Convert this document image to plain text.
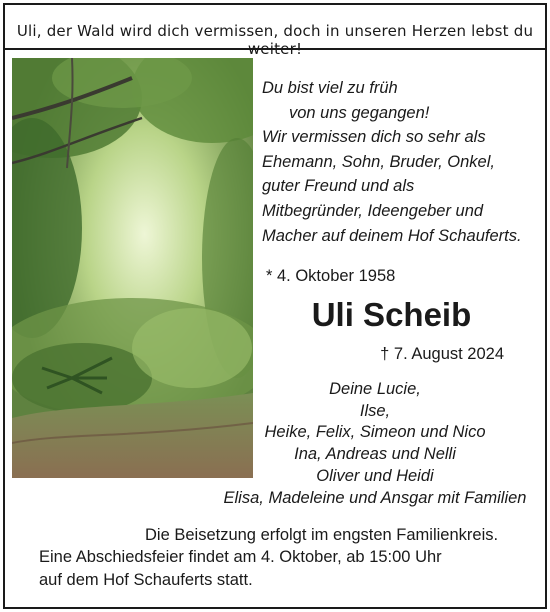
Uli, der Wald wird dich vermissen, doch in unseren Herzen lebst du weiter!
Du bist viel zu früh
von uns gegangen!
Wir vermissen dich so sehr als
Ehemann, Sohn, Bruder, Onkel,
guter Freund und als
Mitbegründer, Ideengeber und
Macher auf deinem Hof Schauferts.
* 4. Oktober 1958
Uli Scheib
† 7. August 2024
Deine Lucie,
Ilse,
Heike, Felix, Simeon und Nico
Ina, Andreas und Nelli
Oliver und Heidi
Elisa, Madeleine und Ansgar mit Familien
Die Beisetzung erfolgt im engsten Familienkreis.
Eine Abschiedsfeier findet am 4. Oktober, ab 15:00 Uhr
auf dem Hof Schauferts statt.
